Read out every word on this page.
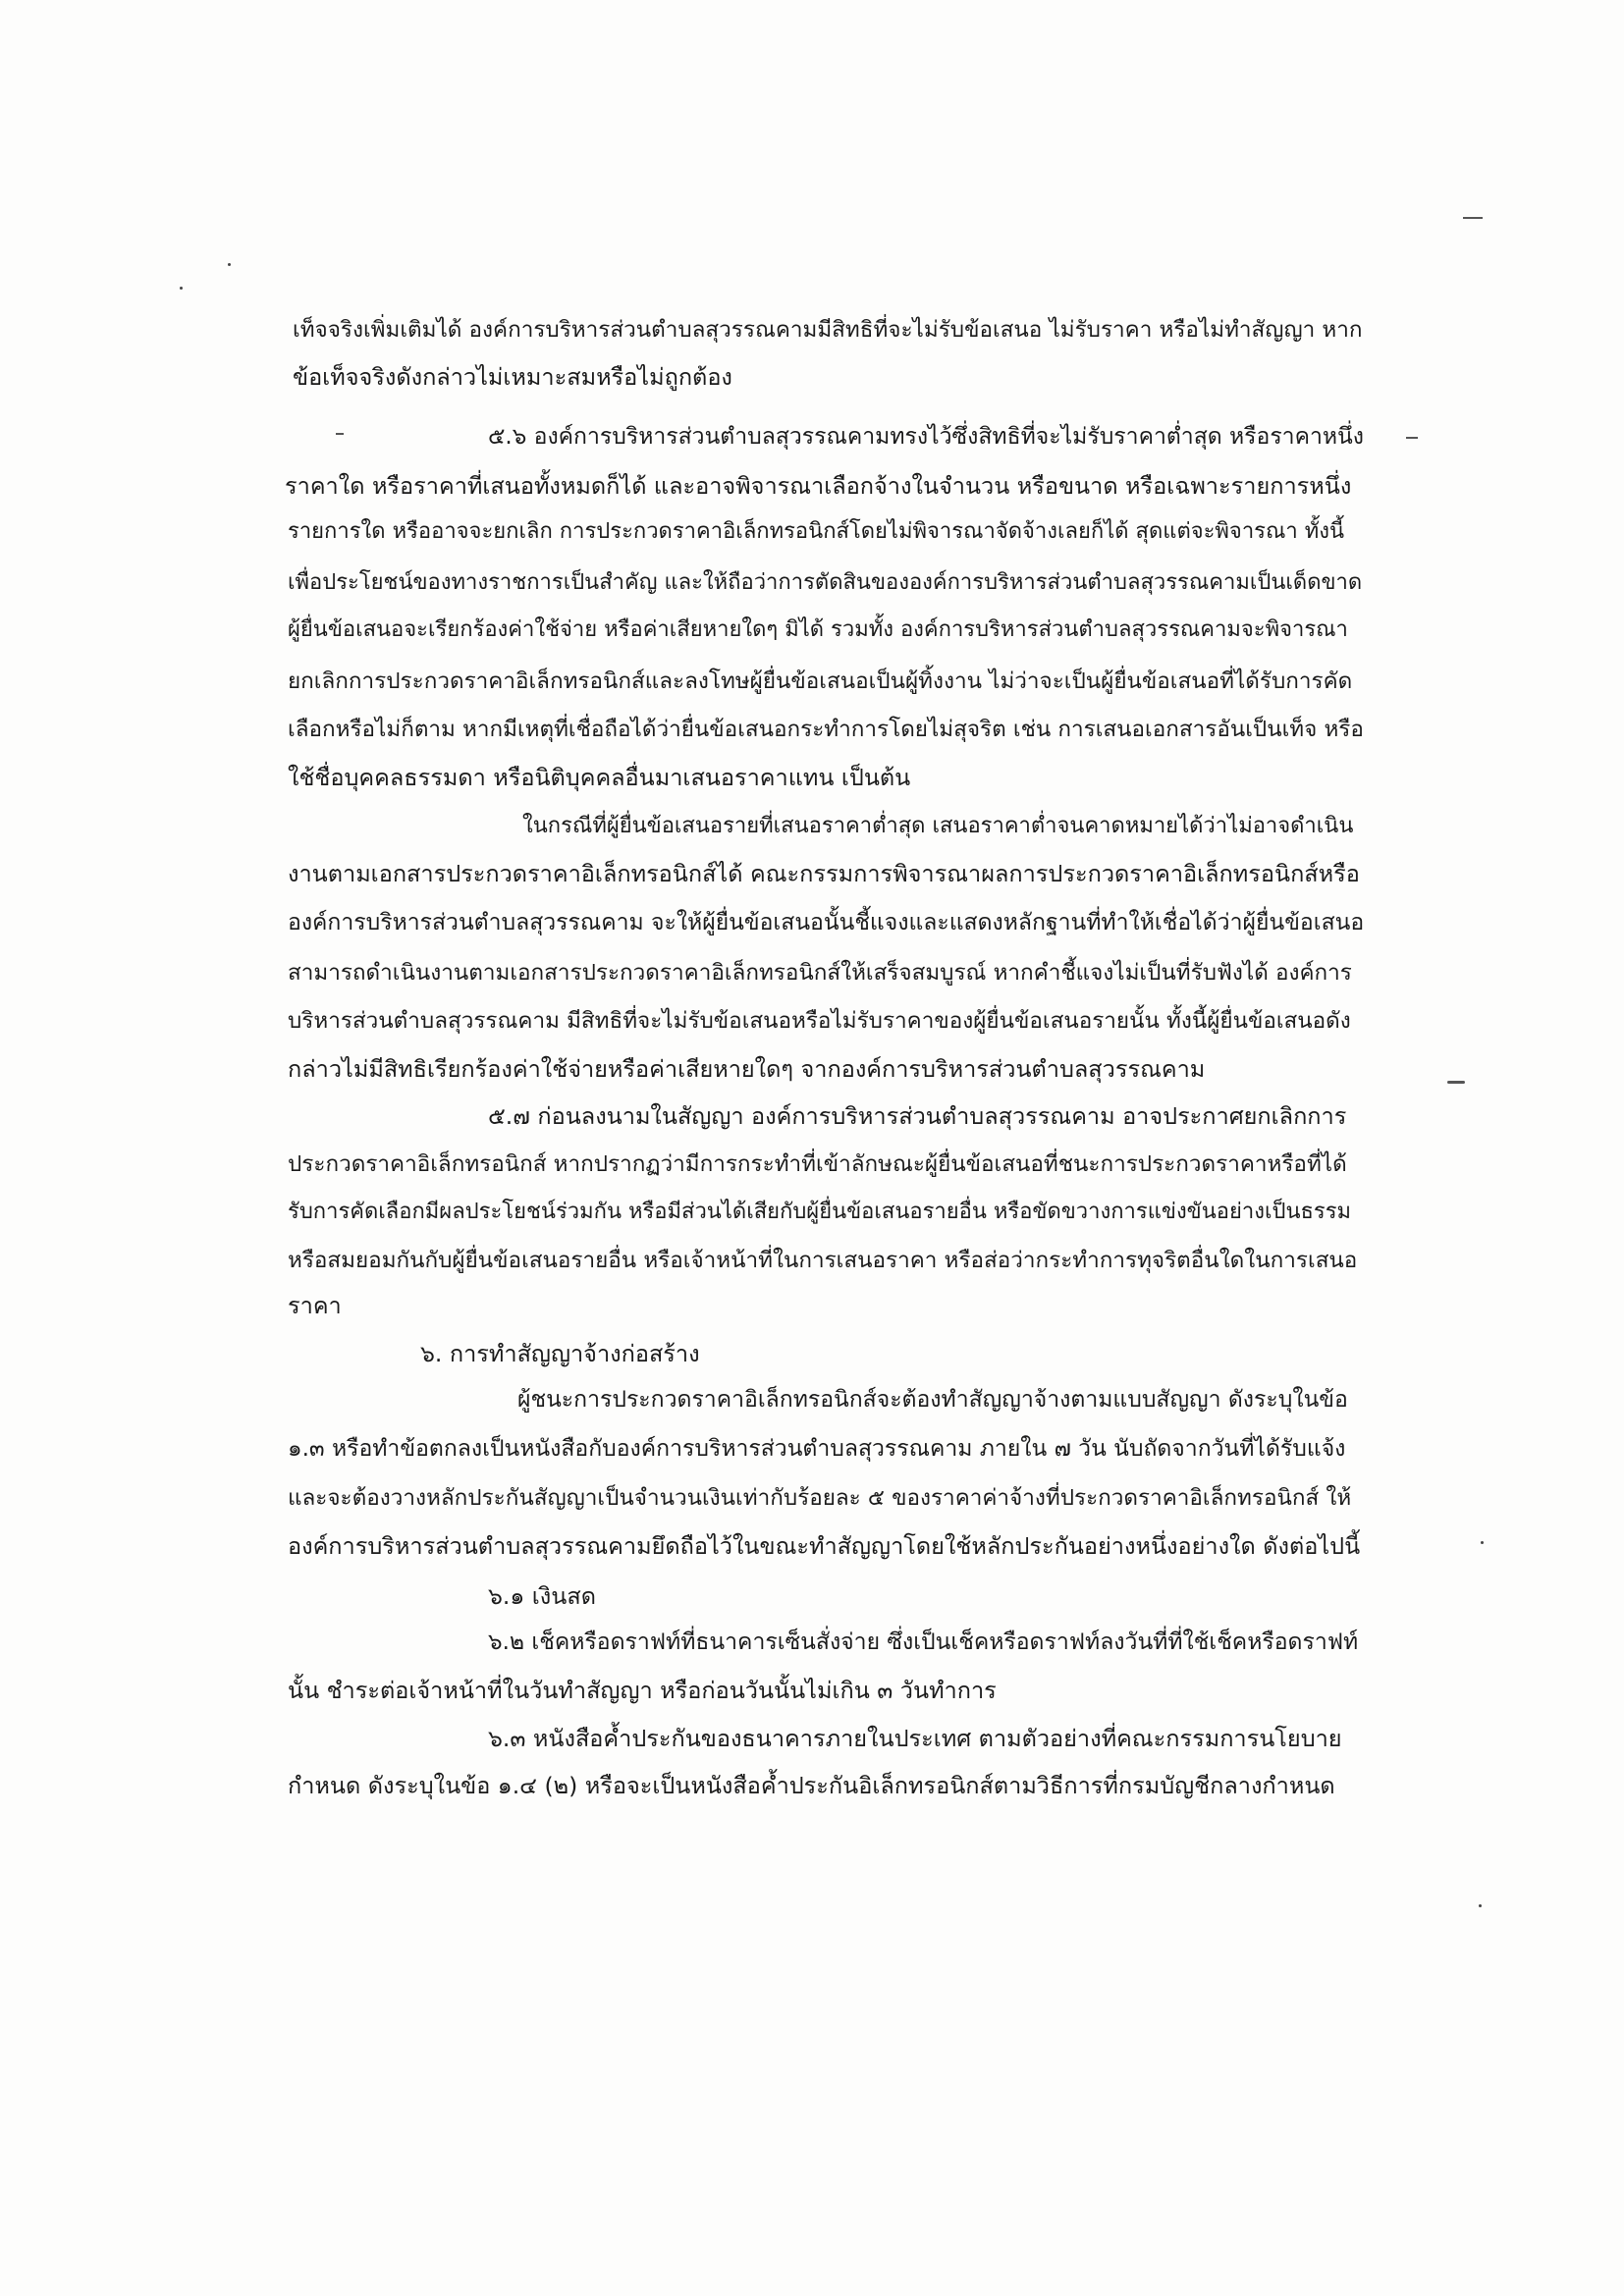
เท็จจริงเพิ่มเติมได้ องค์การบริหารส่วนตำบลสุวรรณคามมีสิทธิที่จะไม่รับข้อเสนอ ไม่รับราคา หรือไม่ทำสัญญา หาก
ข้อเท็จจริงดังกล่าวไม่เหมาะสมหรือไม่ถูกต้อง
๕.๖ องค์การบริหารส่วนตำบลสุวรรณคามทรงไว้ซึ่งสิทธิที่จะไม่รับราคาต่ำสุด หรือราคาหนึ่ง
ราคาใด หรือราคาที่เสนอทั้งหมดก็ได้ และอาจพิจารณาเลือกจ้างในจำนวน หรือขนาด หรือเฉพาะรายการหนึ่ง
รายการใด หรืออาจจะยกเลิก การประกวดราคาอิเล็กทรอนิกส์โดยไม่พิจารณาจัดจ้างเลยก็ได้ สุดแต่จะพิจารณา ทั้งนี้
เพื่อประโยชน์ของทางราชการเป็นสำคัญ และให้ถือว่าการตัดสินขององค์การบริหารส่วนตำบลสุวรรณคามเป็นเด็ดขาด
ผู้ยื่นข้อเสนอจะเรียกร้องค่าใช้จ่าย หรือค่าเสียหายใดๆ มิได้ รวมทั้ง องค์การบริหารส่วนตำบลสุวรรณคามจะพิจารณา
ยกเลิกการประกวดราคาอิเล็กทรอนิกส์และลงโทษผู้ยื่นข้อเสนอเป็นผู้ทิ้งงาน ไม่ว่าจะเป็นผู้ยื่นข้อเสนอที่ได้รับการคัด
เลือกหรือไม่ก็ตาม หากมีเหตุที่เชื่อถือได้ว่ายื่นข้อเสนอกระทำการโดยไม่สุจริต เช่น การเสนอเอกสารอันเป็นเท็จ หรือ
ใช้ชื่อบุคคลธรรมดา หรือนิติบุคคลอื่นมาเสนอราคาแทน เป็นต้น
ในกรณีที่ผู้ยื่นข้อเสนอรายที่เสนอราคาต่ำสุด เสนอราคาต่ำจนคาดหมายได้ว่าไม่อาจดำเนิน
งานตามเอกสารประกวดราคาอิเล็กทรอนิกส์ได้ คณะกรรมการพิจารณาผลการประกวดราคาอิเล็กทรอนิกส์หรือ
องค์การบริหารส่วนตำบลสุวรรณคาม จะให้ผู้ยื่นข้อเสนอนั้นชี้แจงและแสดงหลักฐานที่ทำให้เชื่อได้ว่าผู้ยื่นข้อเสนอ
สามารถดำเนินงานตามเอกสารประกวดราคาอิเล็กทรอนิกส์ให้เสร็จสมบูรณ์ หากคำชี้แจงไม่เป็นที่รับฟังได้ องค์การ
บริหารส่วนตำบลสุวรรณคาม มีสิทธิที่จะไม่รับข้อเสนอหรือไม่รับราคาของผู้ยื่นข้อเสนอรายนั้น ทั้งนี้ผู้ยื่นข้อเสนอดัง
กล่าวไม่มีสิทธิเรียกร้องค่าใช้จ่ายหรือค่าเสียหายใดๆ จากองค์การบริหารส่วนตำบลสุวรรณคาม
๕.๗ ก่อนลงนามในสัญญา องค์การบริหารส่วนตำบลสุวรรณคาม อาจประกาศยกเลิกการ
ประกวดราคาอิเล็กทรอนิกส์ หากปรากฏว่ามีการกระทำที่เข้าลักษณะผู้ยื่นข้อเสนอที่ชนะการประกวดราคาหรือที่ได้
รับการคัดเลือกมีผลประโยชน์ร่วมกัน หรือมีส่วนได้เสียกับผู้ยื่นข้อเสนอรายอื่น หรือขัดขวางการแข่งขันอย่างเป็นธรรม
หรือสมยอมกันกับผู้ยื่นข้อเสนอรายอื่น หรือเจ้าหน้าที่ในการเสนอราคา หรือส่อว่ากระทำการทุจริตอื่นใดในการเสนอ
ราคา
๖. การทำสัญญาจ้างก่อสร้าง
ผู้ชนะการประกวดราคาอิเล็กทรอนิกส์จะต้องทำสัญญาจ้างตามแบบสัญญา ดังระบุในข้อ
๑.๓ หรือทำข้อตกลงเป็นหนังสือกับองค์การบริหารส่วนตำบลสุวรรณคาม ภายใน ๗ วัน นับถัดจากวันที่ได้รับแจ้ง
และจะต้องวางหลักประกันสัญญาเป็นจำนวนเงินเท่ากับร้อยละ ๕ ของราคาค่าจ้างที่ประกวดราคาอิเล็กทรอนิกส์ ให้
องค์การบริหารส่วนตำบลสุวรรณคามยึดถือไว้ในขณะทำสัญญาโดยใช้หลักประกันอย่างหนึ่งอย่างใด ดังต่อไปนี้
๖.๑ เงินสด
๖.๒ เช็คหรือดราฟท์ที่ธนาคารเซ็นสั่งจ่าย ซึ่งเป็นเช็คหรือดราฟท์ลงวันที่ที่ใช้เช็คหรือดราฟท์
นั้น ชำระต่อเจ้าหน้าที่ในวันทำสัญญา หรือก่อนวันนั้นไม่เกิน ๓ วันทำการ
๖.๓ หนังสือค้ำประกันของธนาคารภายในประเทศ ตามตัวอย่างที่คณะกรรมการนโยบาย
กำหนด ดังระบุในข้อ ๑.๔ (๒) หรือจะเป็นหนังสือค้ำประกันอิเล็กทรอนิกส์ตามวิธีการที่กรมบัญชีกลางกำหนด
